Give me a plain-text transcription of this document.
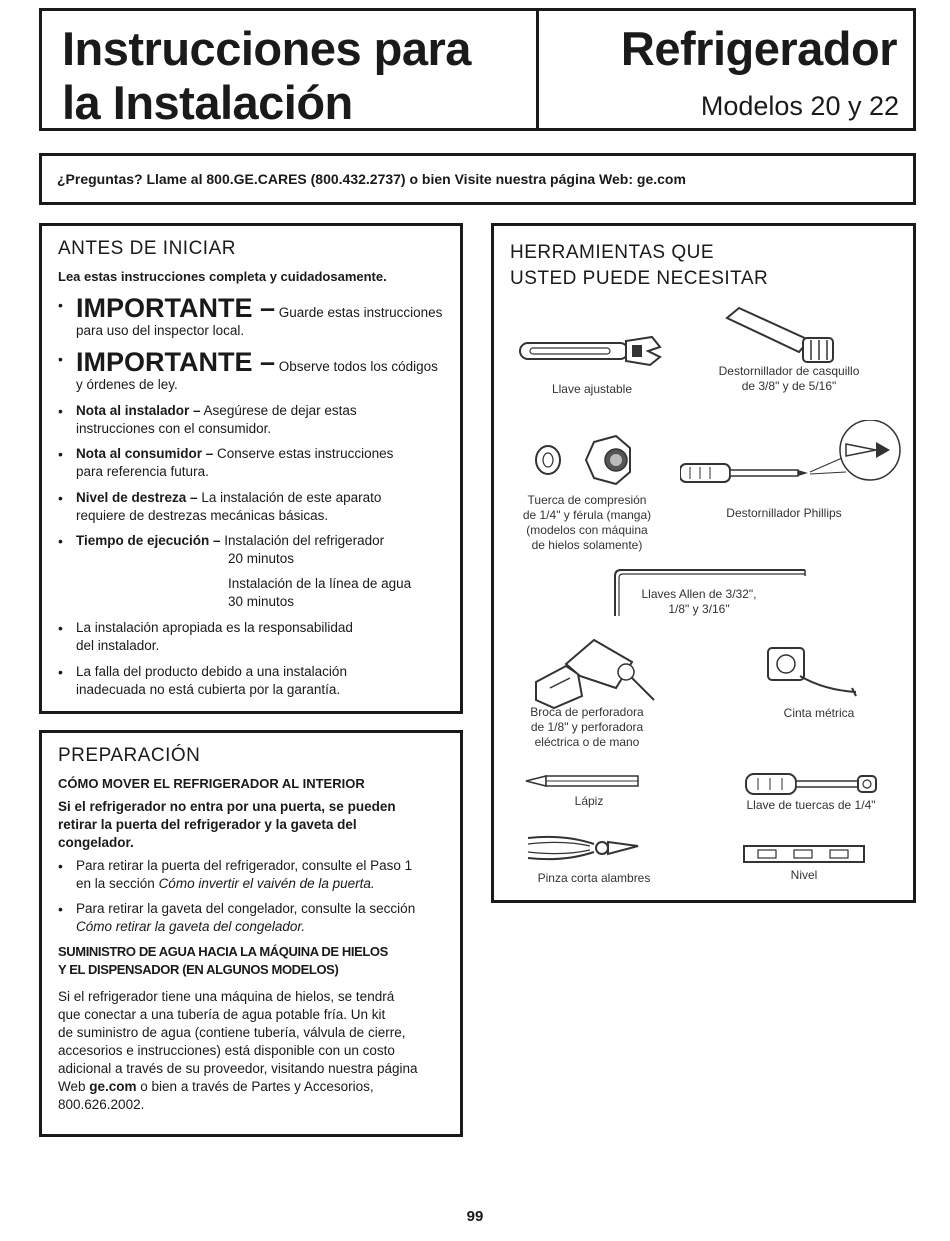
Instrucciones para
la Instalación
Refrigerador
Modelos 20 y 22
¿Preguntas? Llame al 800.GE.CARES (800.432.2737) o bien Visite nuestra página Web: ge.com
ANTES DE INICIAR
Lea estas instrucciones completa y cuidadosamente.
• IMPORTANTE – Guarde estas instrucciones
para uso del inspector local.
• IMPORTANTE – Observe todos los códigos
y órdenes de ley.
• Nota al instalador – Asegúrese de dejar estas
instrucciones con el consumidor.
• Nota al consumidor – Conserve estas instrucciones
para referencia futura.
• Nivel de destreza – La instalación de este aparato
requiere de destrezas mecánicas básicas.
• Tiempo de ejecución – Instalación del refrigerador
20 minutos
Instalación de la línea de agua
30 minutos
• La instalación apropiada es la responsabilidad
del instalador.
• La falla del producto debido a una instalación
inadecuada no está cubierta por la garantía.
HERRAMIENTAS QUE
USTED PUEDE NECESITAR
Llave ajustable
Destornillador de casquillo
de 3/8" y de 5/16"
Tuerca de compresión
de 1/4" y férula (manga)
(modelos con máquina
de hielos solamente)
Destornillador Phillips
Llaves Allen de 3/32",
1/8" y 3/16"
Broca de perforadora
de 1/8" y perforadora
eléctrica o de mano
Cinta métrica
Lápiz	Llave de tuercas de 1/4"
Pinza corta alambres	Nivel
PREPARACIÓN
CÓMO MOVER EL REFRIGERADOR AL INTERIOR
Si el refrigerador no entra por una puerta, se pueden
retirar la puerta del refrigerador y la gaveta del
congelador.
• Para retirar la puerta del refrigerador, consulte el Paso 1
en la sección Cómo invertir el vaivén de la puerta.
• Para retirar la gaveta del congelador, consulte la sección
Cómo retirar la gaveta del congelador.
SUMINISTRO DE AGUA HACIA LA MÁQUINA DE HIELOS
Y EL DISPENSADOR (EN ALGUNOS MODELOS)
Si el refrigerador tiene una máquina de hielos, se tendrá
que conectar a una tubería de agua potable fría. Un kit
de suministro de agua (contiene tubería, válvula de cierre,
accesorios e instrucciones) está disponible con un costo
adicional a través de su proveedor, visitando nuestra página
Web ge.com o bien a través de Partes y Accesorios,
800.626.2002.
99
